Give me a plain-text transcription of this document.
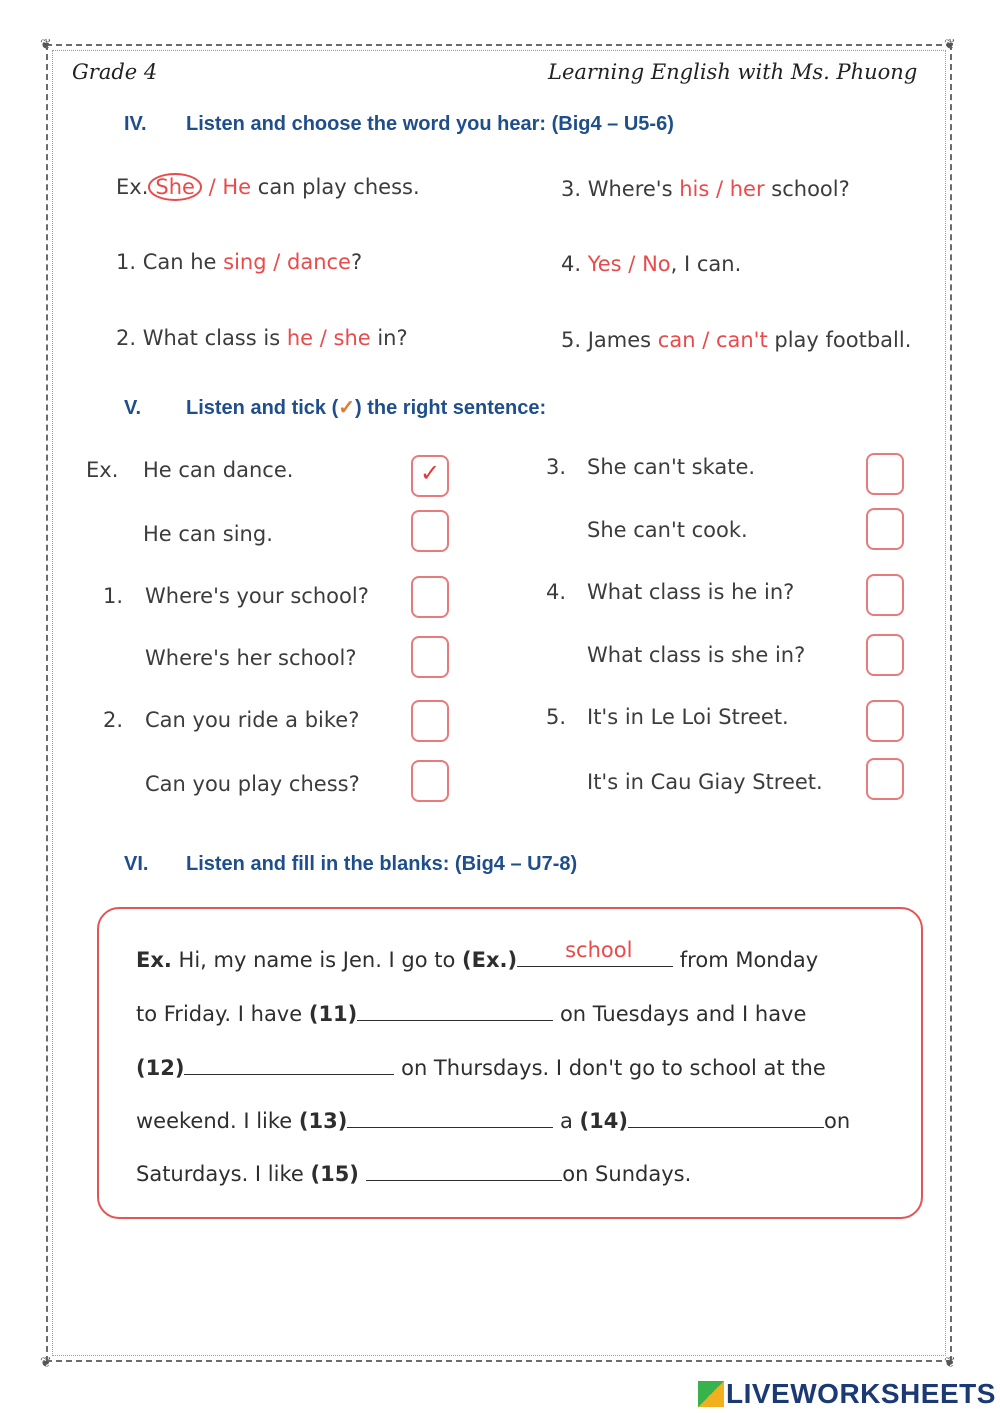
❦	❦
❦	❦
Grade 4	Learning English with Ms. Phuong
IV. Listen and choose the word you hear: (Big4 – U5-6)
Ex. She / He can play chess.
1. Can he sing / dance?
2. What class is he / she in?
3. Where's his / her school?
4. Yes / No, I can.
5. James can / can't play football.
V. Listen and tick (✓) the right sentence:
Ex. He can dance.
✓
He can sing.
1. Where's your school?
Where's her school?
2. Can you ride a bike?
Can you play chess?
3. She can't skate.
She can't cook.
4. What class is he in?
What class is she in?
5. It's in Le Loi Street.
It's in Cau Giay Street.
VI. Listen and fill in the blanks: (Big4 – U7-8)
Ex. Hi, my name is Jen. I go to (Ex.) school from Monday
to Friday. I have (11)	on Tuesdays and I have
(12)	on Thursdays. I don't go to school at the
weekend. I like (13)	a (14)	on
Saturdays. I like (15)	on Sundays.
LIVEWORKSHEETS
